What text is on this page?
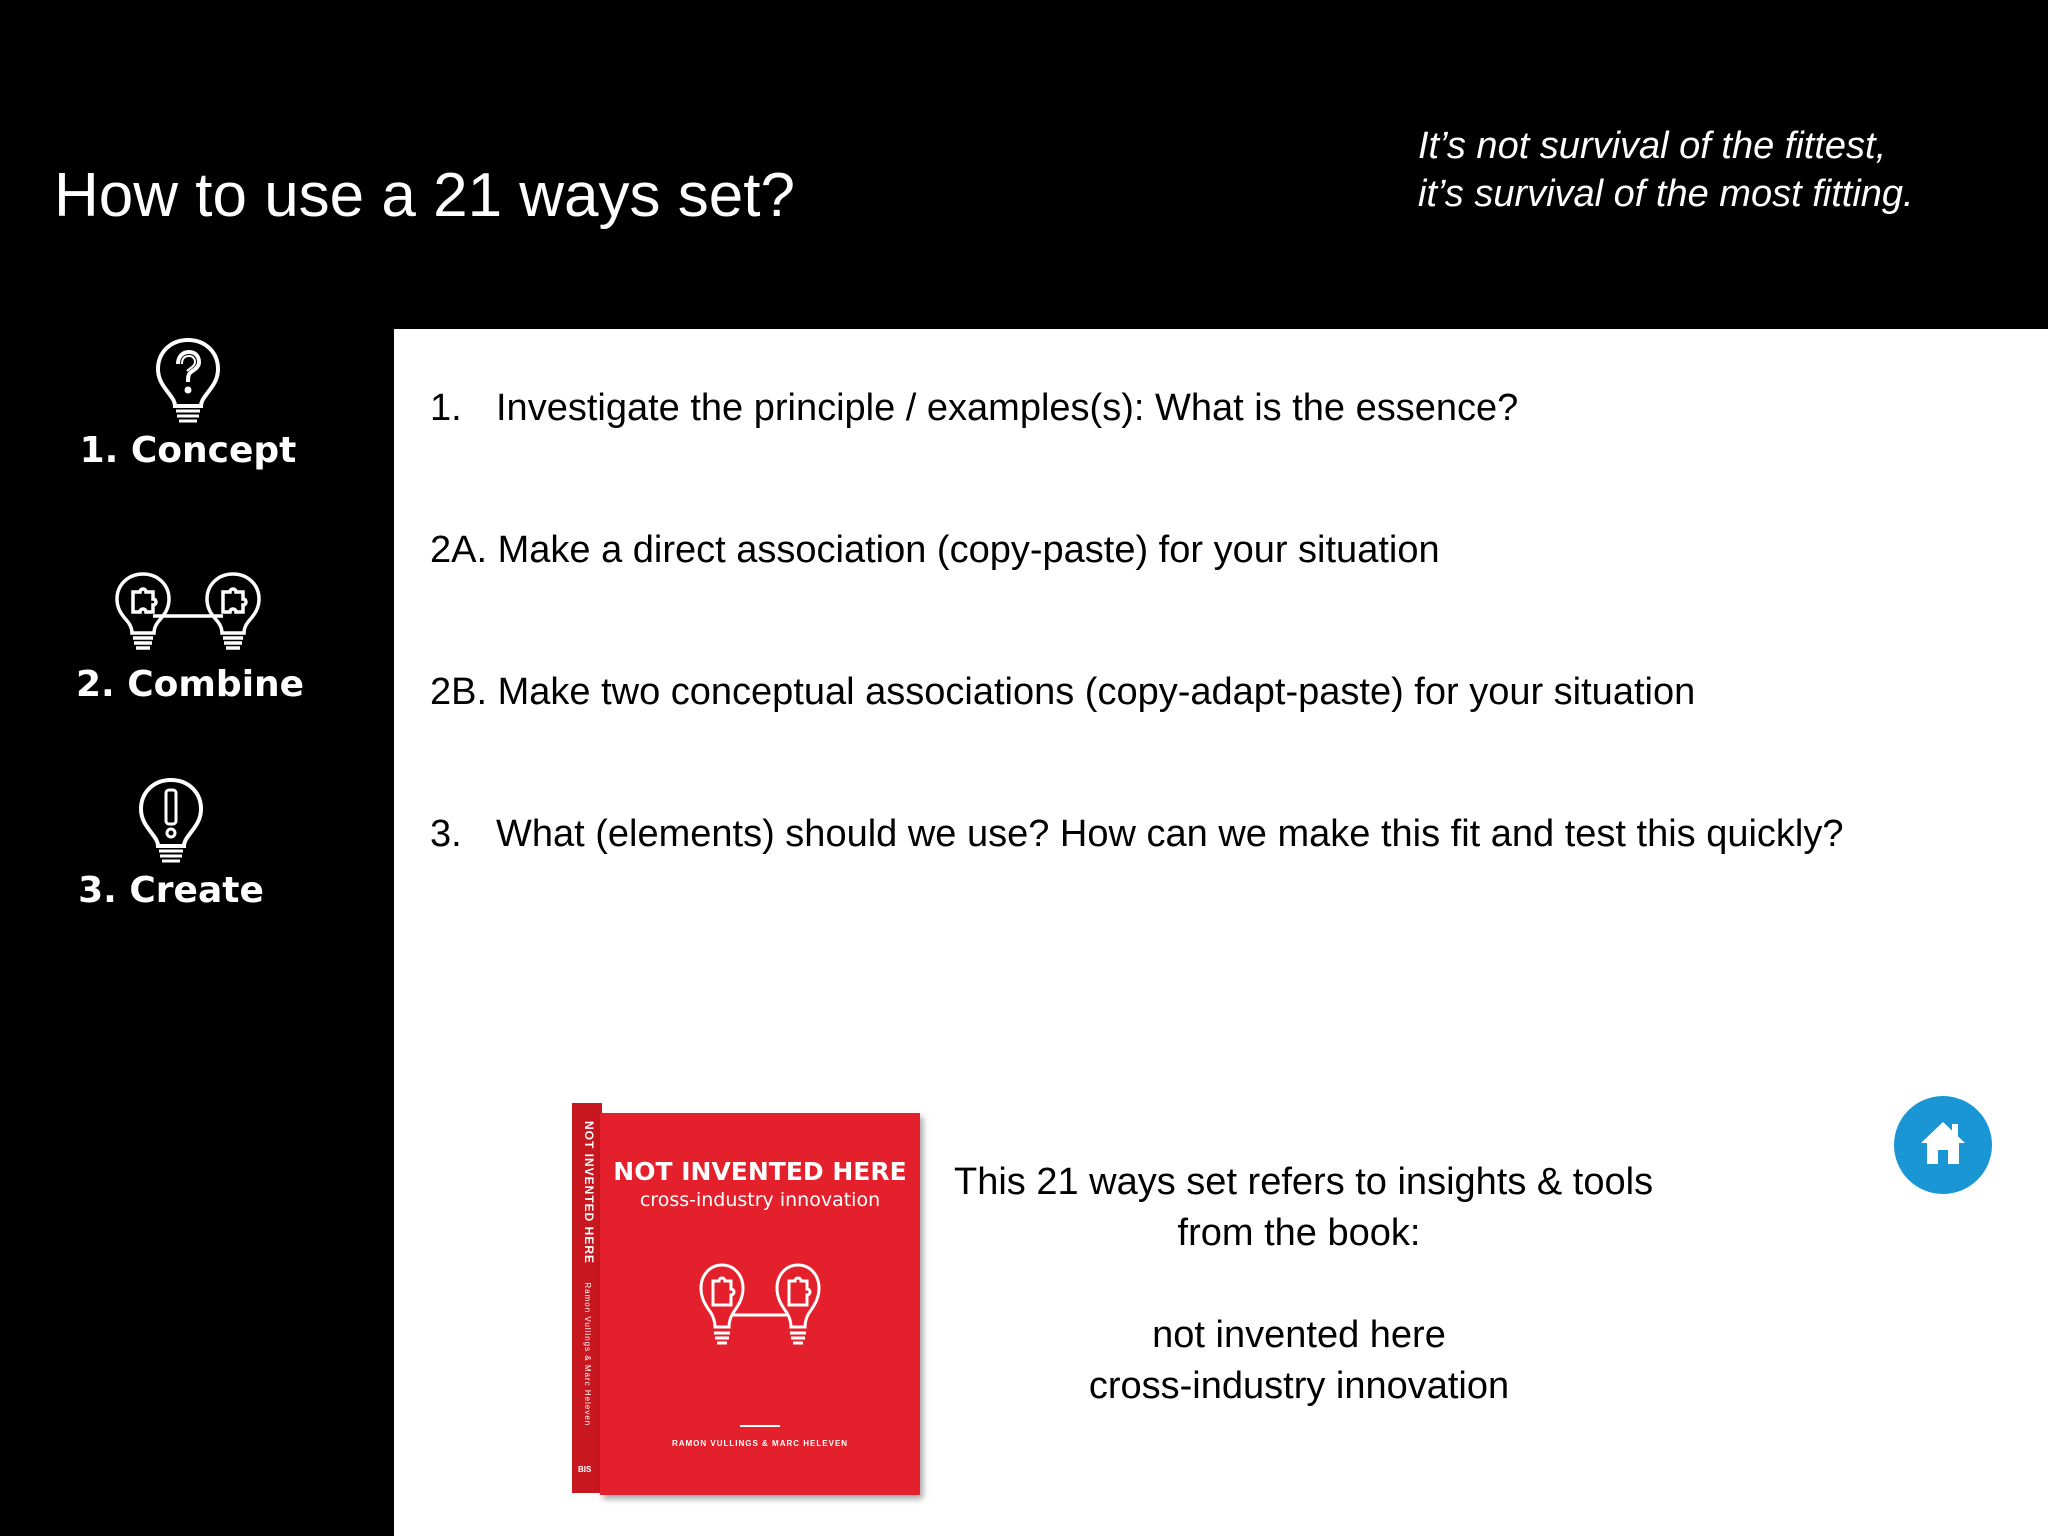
How to use a 21 ways set?
It’s not survival of the fittest,
it’s survival of the most fitting.
1. Concept
2. Combine
3. Create
1. Investigate the principle / examples(s): What is the essence?
2A. Make a direct association (copy-paste) for your situation
2B. Make two conceptual associations (copy-adapt-paste) for your situation
3. What (elements) should we use? How can we make this fit and test this quickly?
NOT INVENTED HERE Ramon Vullings & Marc Heleven
BIS
NOT INVENTED HERE
cross-industry innovation
RAMON VULLINGS & MARC HELEVEN
This 21 ways set refers to insights & tools
from the book:
not invented here
cross-industry innovation
